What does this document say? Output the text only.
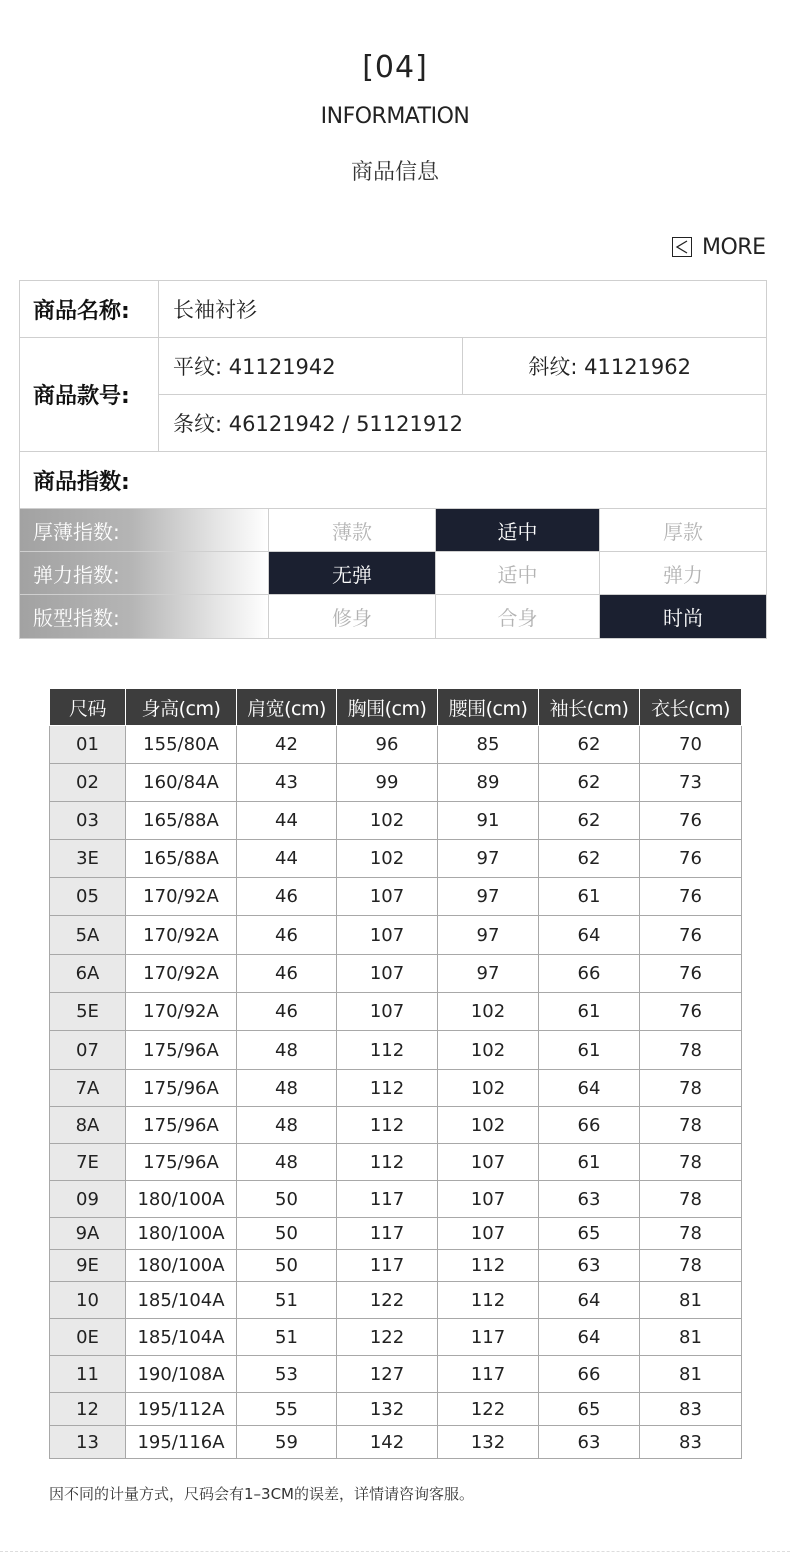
[04]
INFORMATION
商品信息
MORE
商品名称:	长袖衬衫
商品款号:
平纹: 41121942	斜纹: 41121962
条纹: 46121942 / 51121912
商品指数:
厚薄指数:	薄款	适中	厚款
弹力指数:	无弹	适中	弹力
版型指数:	修身	合身	时尚
尺码	身高(cm)	肩宽(cm)	胸围(cm)	腰围(cm)	袖长(cm)	衣长(cm)
01	155/80A	42	96	85	62	70
02	160/84A	43	99	89	62	73
03	165/88A	44	102	91	62	76
3E	165/88A	44	102	97	62	76
05	170/92A	46	107	97	61	76
5A	170/92A	46	107	97	64	76
6A	170/92A	46	107	97	66	76
5E	170/92A	46	107	102	61	76
07	175/96A	48	112	102	61	78
7A	175/96A	48	112	102	64	78
8A	175/96A	48	112	102	66	78
7E	175/96A	48	112	107	61	78
09	180/100A	50	117	107	63	78
9A	180/100A	50	117	107	65	78
9E	180/100A	50	117	112	63	78
10	185/104A	51	122	112	64	81
0E	185/104A	51	122	117	64	81
11	190/108A	53	127	117	66	81
12	195/112A	55	132	122	65	83
13	195/116A	59	142	132	63	83
因不同的计量方式，尺码会有1–3CM的误差，详情请咨询客服。
